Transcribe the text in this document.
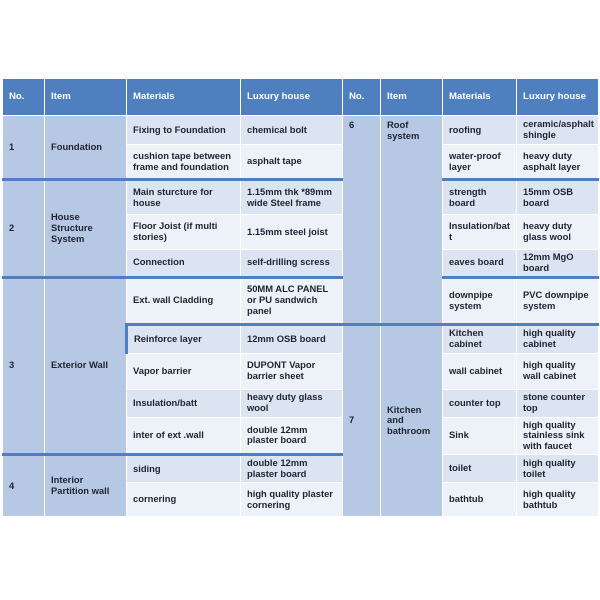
No.	Item	Materials	Luxury house	No.	Item	Materials	Luxury house
1	Foundation	Fixing to Foundation	chemical bolt	6	Roof system	roofing	ceramic/asphalt shingle
		cushion tape between frame and foundation	asphalt tape			water-proof layer	heavy duty asphalt layer
2	House Structure System	Main sturcture for house	1.15mm thk *89mm wide Steel frame			strength board	15mm OSB board
		Floor Joist (if multi stories)	1.15mm steel joist			Insulation/bat t	heavy duty glass wool
		Connection	self-drilling scress			eaves board	12mm MgO board
3	Exterior Wall	Ext. wall Cladding	50MM ALC PANEL or PU sandwich panel			downpipe system	PVC downpipe system
		Reinforce layer	12mm OSB board	7	Kitchen and bathroom	Kitchen cabinet	high quality cabinet
		Vapor barrier	DUPONT Vapor barrier sheet			wall cabinet	high quality wall cabinet
		Insulation/batt	heavy duty glass wool			counter top	stone counter top
		inter of ext .wall	double 12mm plaster board			Sink	high quality stainless sink with faucet
4	Interior Partition wall	siding	double 12mm plaster board			toilet	high quality toilet
		cornering	high quality plaster cornering			bathtub	high quality bathtub
